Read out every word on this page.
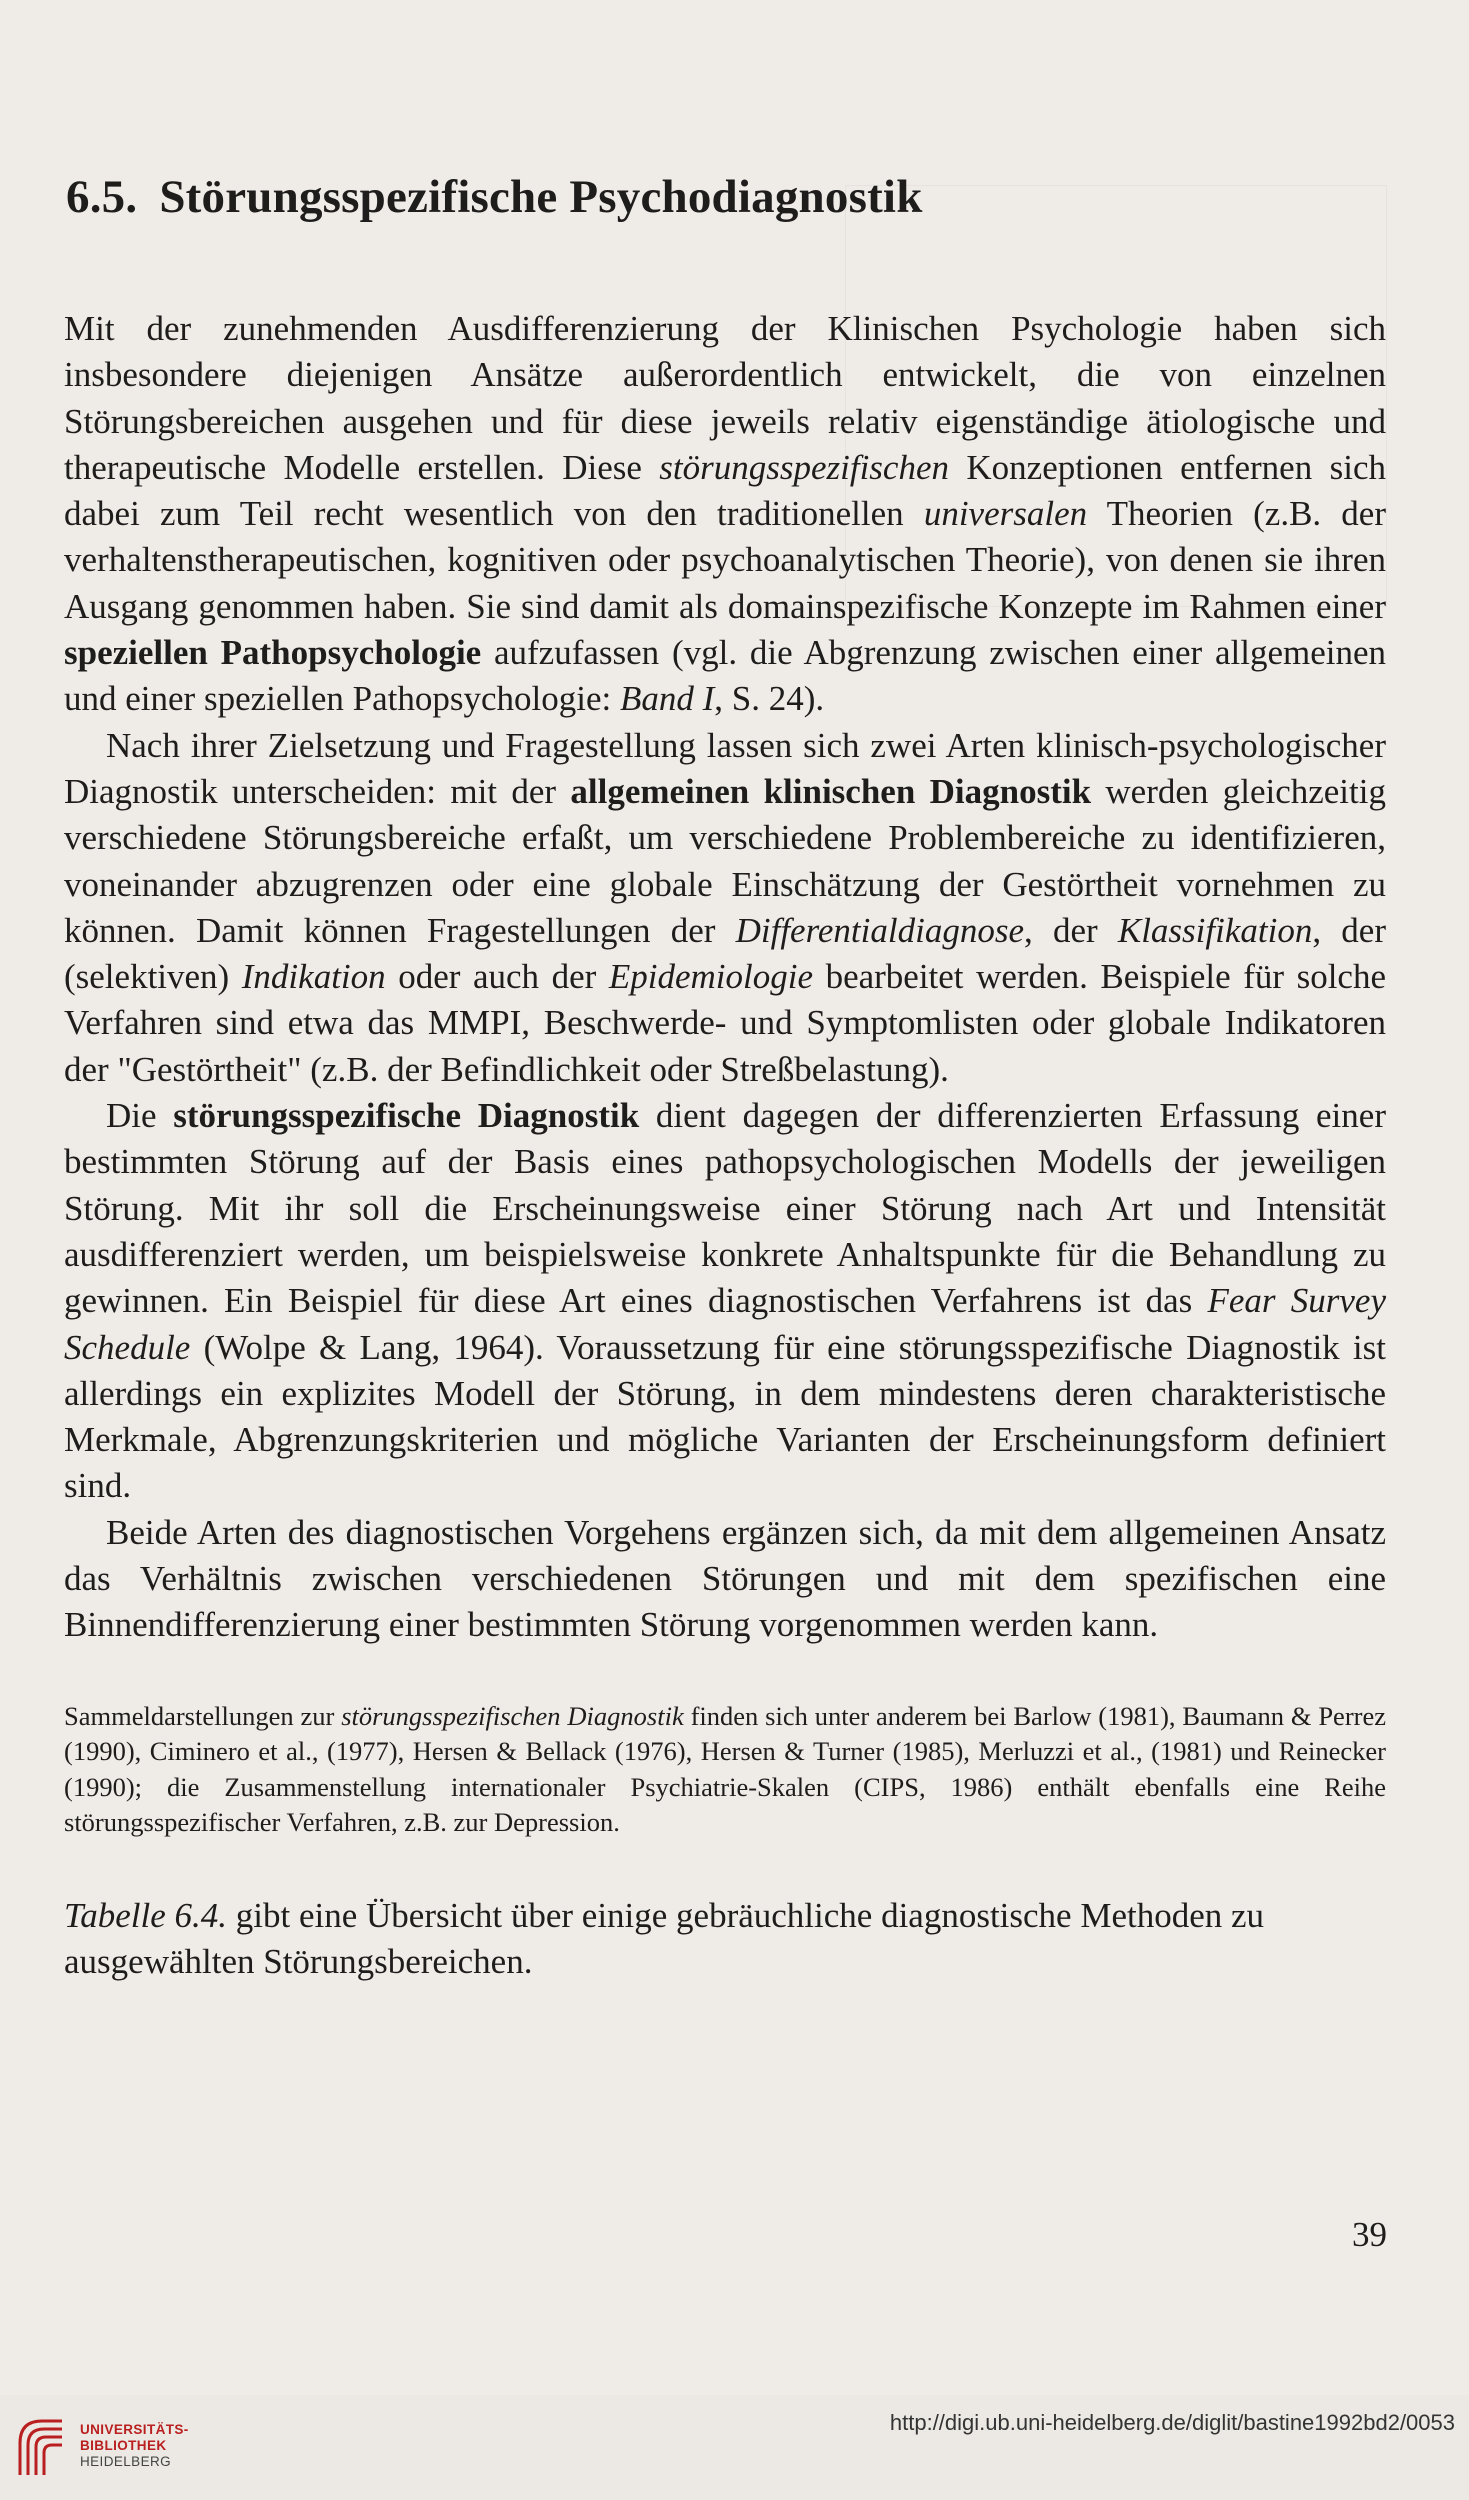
6.5. Störungsspezifische Psychodiagnostik

Mit der zunehmenden Ausdifferenzierung der Klinischen Psychologie haben sich insbesondere diejenigen Ansätze außerordentlich entwickelt, die von einzelnen Störungsbereichen ausgehen und für diese jeweils relativ eigenständige ätiologische und therapeutische Modelle erstellen. Diese störungsspezifischen Konzeptionen entfernen sich dabei zum Teil recht wesentlich von den traditionellen universalen Theorien (z.B. der verhaltenstherapeutischen, kognitiven oder psychoanalytischen Theorie), von denen sie ihren Ausgang genommen haben. Sie sind damit als domainspezifische Konzepte im Rahmen einer speziellen Pathopsychologie aufzufassen (vgl. die Abgrenzung zwischen einer allgemeinen und einer speziellen Pathopsychologie: Band I, S. 24).

Nach ihrer Zielsetzung und Fragestellung lassen sich zwei Arten klinisch-psychologischer Diagnostik unterscheiden: mit der allgemeinen klinischen Diagnostik werden gleichzeitig verschiedene Störungsbereiche erfaßt, um verschiedene Problembereiche zu identifizieren, voneinander abzugrenzen oder eine globale Einschätzung der Gestörtheit vornehmen zu können. Damit können Fragestellungen der Differentialdiagnose, der Klassifikation, der (selektiven) Indikation oder auch der Epidemiologie bearbeitet werden. Beispiele für solche Verfahren sind etwa das MMPI, Beschwerde- und Symptomlisten oder globale Indikatoren der "Gestörtheit" (z.B. der Befindlichkeit oder Streßbelastung).

Die störungsspezifische Diagnostik dient dagegen der differenzierten Erfassung einer bestimmten Störung auf der Basis eines pathopsychologischen Modells der jeweiligen Störung. Mit ihr soll die Erscheinungsweise einer Störung nach Art und Intensität ausdifferenziert werden, um beispielsweise konkrete Anhaltspunkte für die Behandlung zu gewinnen. Ein Beispiel für diese Art eines diagnostischen Verfahrens ist das Fear Survey Schedule (Wolpe & Lang, 1964). Voraussetzung für eine störungsspezifische Diagnostik ist allerdings ein explizites Modell der Störung, in dem mindestens deren charakteristische Merkmale, Abgrenzungskriterien und mögliche Varianten der Erscheinungsform definiert sind.

Beide Arten des diagnostischen Vorgehens ergänzen sich, da mit dem allgemeinen Ansatz das Verhältnis zwischen verschiedenen Störungen und mit dem spezifischen eine Binnendifferenzierung einer bestimmten Störung vorgenommen werden kann.

Sammeldarstellungen zur störungsspezifischen Diagnostik finden sich unter anderem bei Barlow (1981), Baumann & Perrez (1990), Ciminero et al., (1977), Hersen & Bellack (1976), Hersen & Turner (1985), Merluzzi et al., (1981) und Reinecker (1990); die Zusammenstellung internationaler Psychiatrie-Skalen (CIPS, 1986) enthält ebenfalls eine Reihe störungsspezifischer Verfahren, z.B. zur Depression.

Tabelle 6.4. gibt eine Übersicht über einige gebräuchliche diagnostische Methoden zu ausgewählten Störungsbereichen.

39
UNIVERSITÄTS-
BIBLIOTHEK
HEIDELBERG
http://digi.ub.uni-heidelberg.de/diglit/bastine1992bd2/0053
